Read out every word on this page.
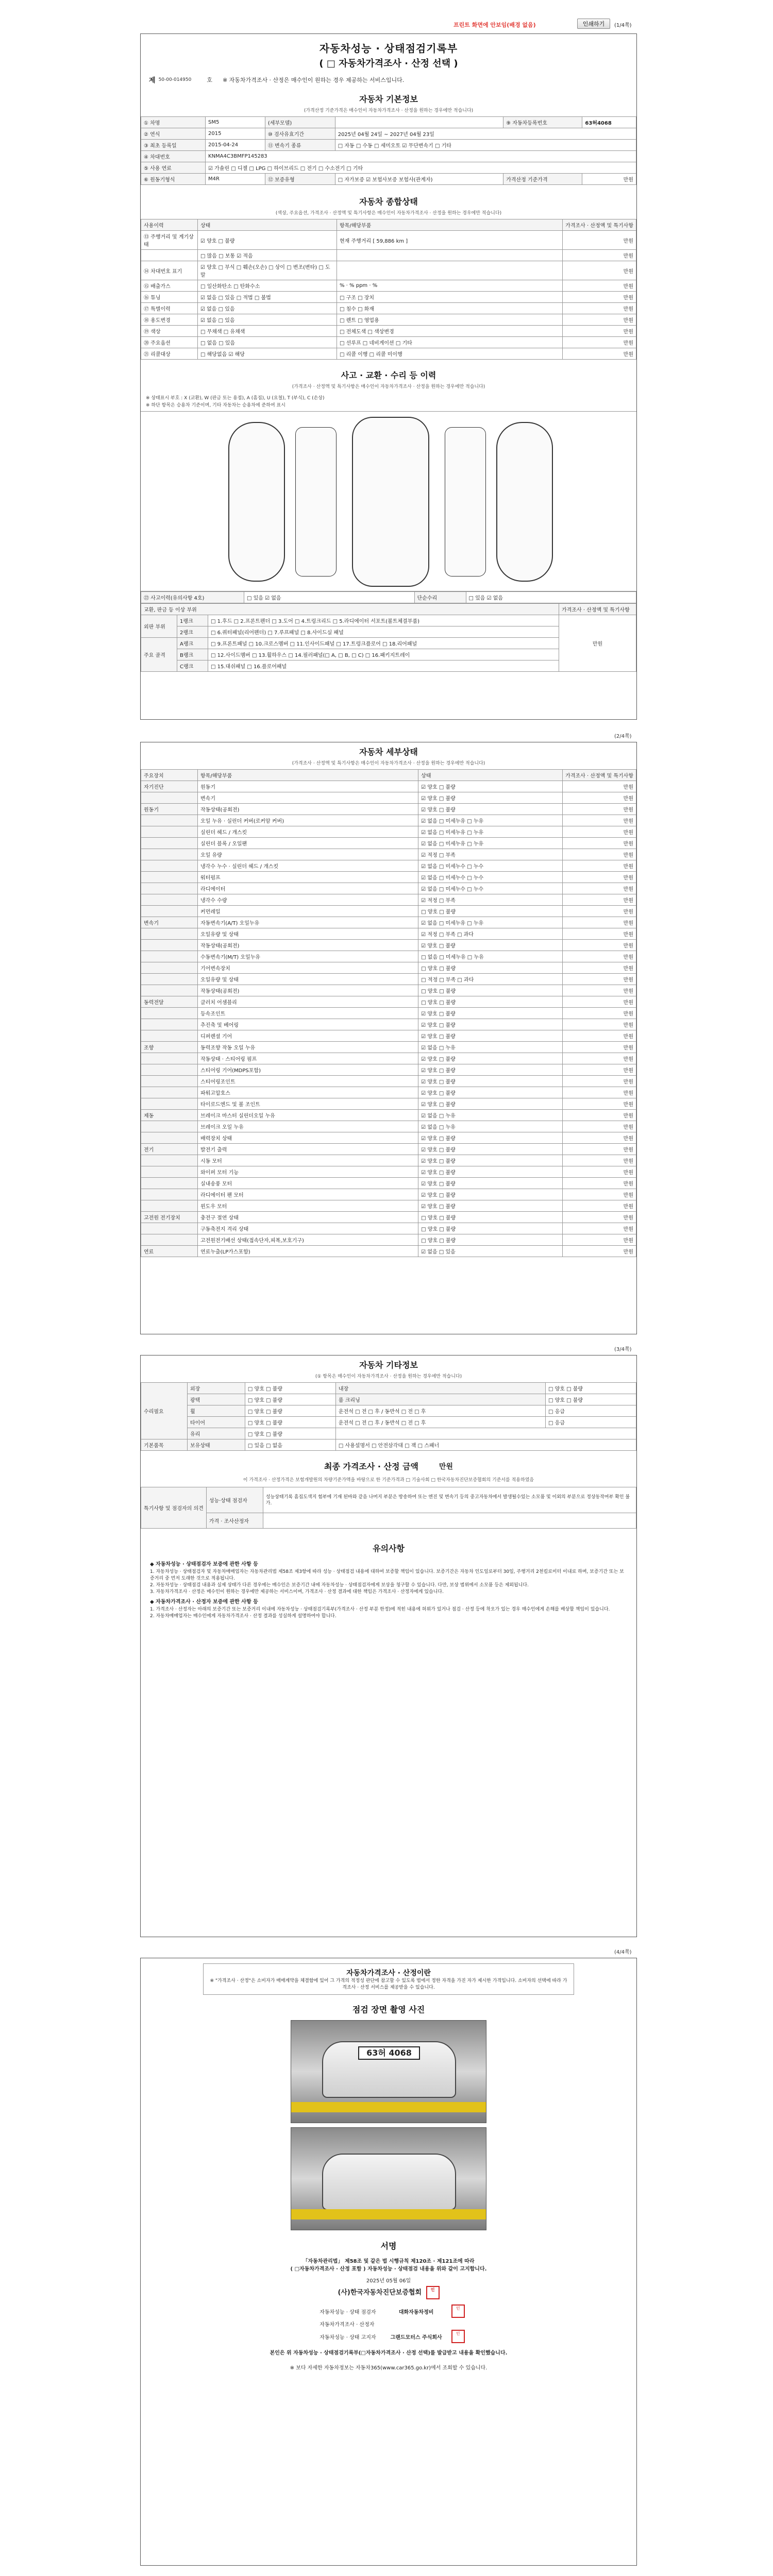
프린트 화면에 안보임(배경 없음)	인쇄하기	(1/4쪽)
자동차성능 · 상태점검기록부
( □ 자동차가격조사 · 산정 선택 )
제 50-00-014950	호 ※ 자동차가격조사 · 산정은 매수인이 원하는 경우 제공하는 서비스입니다.
자동차 기본정보
(가격산정 기준가격은 매수인이 자동차가격조사 · 산정을 원하는 경우에만 적습니다)
① 차명	SM5	(세부모델)		⑨ 자동차등록번호	63허4068
② 연식	2015	⑩ 검사유효기간	2025년 04월 24일 ~ 2027년 04월 23일		
③ 최초 등록일	2015-04-24	⑪ 변속기 종류	□ 자동 □ 수동 □ 세미오토 ☑ 무단변속기 □ 기타		
④ 차대번호	KNMA4C3BMFP145283				
⑤ 사용 연료	☑ 가솔린 □ 디젤 □ LPG □ 하이브리드 □ 전기 □ 수소전기 □ 기타				
⑥ 원동기형식	M4R	⑫ 보증유형	□ 자가보증 ☑ 보험사보증 보험사(관계자)	가격산정 기준가격	만원
자동차 종합상태
(색상, 주요옵션, 가격조사 · 산정액 및 특기사항은 매수인이 자동차가격조사 · 산정을 원하는 경우에만 적습니다)
사용이력	상태	항목/해당부품	가격조사 · 산정액 및 특기사항
⑬ 주행거리 및 계기상태	☑ 양호 □ 불량	현재 주행거리 [ 59,886 km ]	만원
	□ 많음 □ 보통 ☑ 적음		만원
⑭ 차대번호 표기	☑ 양호 □ 부식 □ 훼손(오손) □ 상이 □ 변조(변타) □ 도말		만원
⑮ 배출가스	□ 일산화탄소 □ 탄화수소	% · % ppm · %	만원
⑯ 튜닝	☑ 없음 □ 있음 □ 적법 □ 불법	□ 구조 □ 장치	만원
⑰ 특별이력	☑ 없음 □ 있음	□ 침수 □ 화재	만원
⑱ 용도변경	☑ 없음 □ 있음	□ 렌트 □ 영업용	만원
⑲ 색상	□ 무채색 □ 유채색	□ 전체도색 □ 색상변경	만원
⑳ 주요옵션	□ 없음 □ 있음	□ 선루프 □ 네비게이션 □ 기타	만원
㉑ 리콜대상	□ 해당없음 ☑ 해당	□ 리콜 이행 □ 리콜 미이행	만원
사고 · 교환 · 수리 등 이력
(가격조사 · 산정액 및 특기사항은 매수인이 자동차가격조사 · 산정을 원하는 경우에만 적습니다)
※ 상태표시 부호 : X (교환), W (판금 또는 용접), A (흠집), U (요철), T (부식), C (손상)
※ 하단 항목은 승용차 기준이며, 기타 자동차는 승용차에 준하여 표시
㉒ 사고이력(유의사항 4호)	□ 있음 ☑ 없음	단순수리	□ 있음 ☑ 없음
교환, 판금 등 이상 부위			가격조사 · 산정액 및 특기사항
외판 부위	1랭크	□ 1.후드 □ 2.프론트펜더 □ 3.도어 □ 4.트렁크리드 □ 5.라디에이터 서포트(볼트체결부품)	만원
	2랭크	□ 6.쿼터패널(리어펜더) □ 7.루프패널 □ 8.사이드실 패널	
주요 골격	A랭크	□ 9.프론트패널 □ 10.크로스멤버 □ 11.인사이드패널 □ 17.트렁크플로어 □ 18.리어패널	
	B랭크	□ 12.사이드멤버 □ 13.휠하우스 □ 14.필러패널(□ A, □ B, □ C) □ 16.패키지트레이	
	C랭크	□ 15.대쉬패널 □ 16.플로어패널	
(2/4쪽)
자동차 세부상태
(가격조사 · 산정액 및 특기사항은 매수인이 자동차가격조사 · 산정을 원하는 경우에만 적습니다)
주요장치	항목/해당부품	상태	가격조사 · 산정액 및 특기사항
자기진단	원동기	☑ 양호 □ 불량	만원
	변속기	☑ 양호 □ 불량	만원
원동기	작동상태(공회전)	☑ 양호 □ 불량	만원
	오일 누유 · 실린더 커버(로커암 커버)	☑ 없음 □ 미세누유 □ 누유	만원
	실린더 헤드 / 개스킷	☑ 없음 □ 미세누유 □ 누유	만원
	실린더 블록 / 오일팬	☑ 없음 □ 미세누유 □ 누유	만원
	오일 유량	☑ 적정 □ 부족	만원
	냉각수 누수 · 실린더 헤드 / 개스킷	☑ 없음 □ 미세누수 □ 누수	만원
	워터펌프	☑ 없음 □ 미세누수 □ 누수	만원
	라디에이터	☑ 없음 □ 미세누수 □ 누수	만원
	냉각수 수량	☑ 적정 □ 부족	만원
	커먼레일	□ 양호 □ 불량	만원
변속기	자동변속기(A/T) 오일누유	☑ 없음 □ 미세누유 □ 누유	만원
	오일유량 및 상태	☑ 적정 □ 부족 □ 과다	만원
	작동상태(공회전)	☑ 양호 □ 불량	만원
	수동변속기(M/T) 오일누유	□ 없음 □ 미세누유 □ 누유	만원
	기어변속장치	□ 양호 □ 불량	만원
	오일유량 및 상태	□ 적정 □ 부족 □ 과다	만원
	작동상태(공회전)	□ 양호 □ 불량	만원
동력전달	클러치 어셈블리	□ 양호 □ 불량	만원
	등속조인트	☑ 양호 □ 불량	만원
	추진축 및 베어링	☑ 양호 □ 불량	만원
	디퍼렌셜 기어	☑ 양호 □ 불량	만원
조향	동력조향 작동 오일 누유	☑ 없음 □ 누유	만원
	작동상태 · 스티어링 펌프	☑ 양호 □ 불량	만원
	스티어링 기어(MDPS포함)	☑ 양호 □ 불량	만원
	스티어링조인트	☑ 양호 □ 불량	만원
	파워고압호스	☑ 양호 □ 불량	만원
	타이로드엔드 및 볼 조인트	☑ 양호 □ 불량	만원
제동	브레이크 마스터 실린더오일 누유	☑ 없음 □ 누유	만원
	브레이크 오일 누유	☑ 없음 □ 누유	만원
	배력장치 상태	☑ 양호 □ 불량	만원
전기	발전기 출력	☑ 양호 □ 불량	만원
	시동 모터	☑ 양호 □ 불량	만원
	와이퍼 모터 기능	☑ 양호 □ 불량	만원
	실내송풍 모터	☑ 양호 □ 불량	만원
	라디에이터 팬 모터	☑ 양호 □ 불량	만원
	윈도우 모터	☑ 양호 □ 불량	만원
고전원 전기장치	충전구 절연 상태	□ 양호 □ 불량	만원
	구동축전지 격리 상태	□ 양호 □ 불량	만원
	고전원전기배선 상태(접속단자,피복,보호기구)	□ 양호 □ 불량	만원
연료	연료누출(LP가스포함)	☑ 없음 □ 있음	만원
(3/4쪽)
자동차 기타정보
(① 항목은 매수인이 자동차가격조사 · 산정을 원하는 경우에만 적습니다)
수리필요	외장	□ 양호 □ 불량	내장	□ 양호 □ 불량
	광택	□ 양호 □ 불량	룸 크리닝	□ 양호 □ 불량
	휠	□ 양호 □ 불량	운전석 □ 전 □ 후 / 동반석 □ 전 □ 후	□ 응급
	타이어	□ 양호 □ 불량	운전석 □ 전 □ 후 / 동반석 □ 전 □ 후	□ 응급
	유리	□ 양호 □ 불량		
기본품목	보유상태	□ 있음 □ 없음	□ 사용설명서 □ 안전삼각대 □ 잭 □ 스패너	
최종 가격조사 · 산정 금액	만원
이 가격조사 · 산정가격은 보험개발원의 차량기준가액을 바탕으로 한 기준가격과 □ 기술사회 □ 한국자동차진단보증협회의 기준서를 적용하였음
특기사항 및 점검자의 의견	성능·상태 점검자	성능상태기록 흠집도색지 험부에 기재 된바와 같음 나머지 부분은 방송하여 또는 엔진 및 변속기 등의 중고자동차에서 발생될수있는 소모품 및 이외의 부분으로 정상동작여부 확인 불가.
	가격 · 조사산정자	
유의사항
◆ 자동차성능 · 상태점검자 보증에 관한 사항 등

1. 자동차성능 · 상태점검자 및 자동차매매업자는 자동차관리법 제58조 제3항에 따라 성능 · 상태점검 내용에 대하여 보증할 책임이 있습니다. 보증기간은 자동차 인도일로부터 30일, 주행거리 2천킬로미터 이내로 하며, 보증기간 또는 보증거리 중 먼저 도래한 것으로 적용됩니다.

2. 자동차성능 · 상태점검 내용과 실제 상태가 다른 경우에는 매수인은 보증기간 내에 자동차성능 · 상태점검자에게 보상을 청구할 수 있습니다. 다만, 보상 범위에서 소모품 등은 제외됩니다.

3. 자동차가격조사 · 산정은 매수인이 원하는 경우에만 제공하는 서비스이며, 가격조사 · 산정 결과에 대한 책임은 가격조사 · 산정자에게 있습니다.

◆ 자동차가격조사 · 산정자 보증에 관한 사항 등

1. 가격조사 · 산정자는 아래의 보증기간 또는 보증거리 이내에 자동차성능 · 상태점검기록부(가격조사 · 산정 부분 한정)에 적힌 내용에 허위가 있거나 점검 · 산정 등에 착오가 있는 경우 매수인에게 손해를 배상할 책임이 있습니다.

2. 자동차매매업자는 매수인에게 자동차가격조사 · 산정 결과를 성실하게 설명하여야 합니다.

(4/4쪽)
자동차가격조사 · 산정이란
※ "가격조사 · 산정"은 소비자가 매매계약을 체결함에 있어 그 가격의 적정성 판단에 참고할 수 있도록 법에서 정한 자격을 가진 자가 제시한 가격입니다. 소비자의 선택에 따라 가격조사 · 산정 서비스를 제공받을 수 있습니다.
점검 장면 촬영 사진
63허 4068
서명
「자동차관리법」 제58조 및 같은 법 시행규칙 제120조 · 제121조에 따라
( □자동차가격조사 · 산정 포함 ) 자동차성능 · 상태점검 내용을 위와 같이 고지합니다.
2025년 05월 06일
(사)한국자동차진단보증협회 인
자동차성능 · 상태 점검자	대화자동차정비	인
자동차가격조사 · 산정자		
자동차성능 · 상태 고지자	그랜드모터스 주식회사	인
본인은 위 자동차성능 · 상태점검기록부(□자동차가격조사 · 산정 선택)를 발급받고 내용을 확인했습니다.
※ 보다 자세한 자동차정보는 자동차365(www.car365.go.kr)에서 조회할 수 있습니다.
